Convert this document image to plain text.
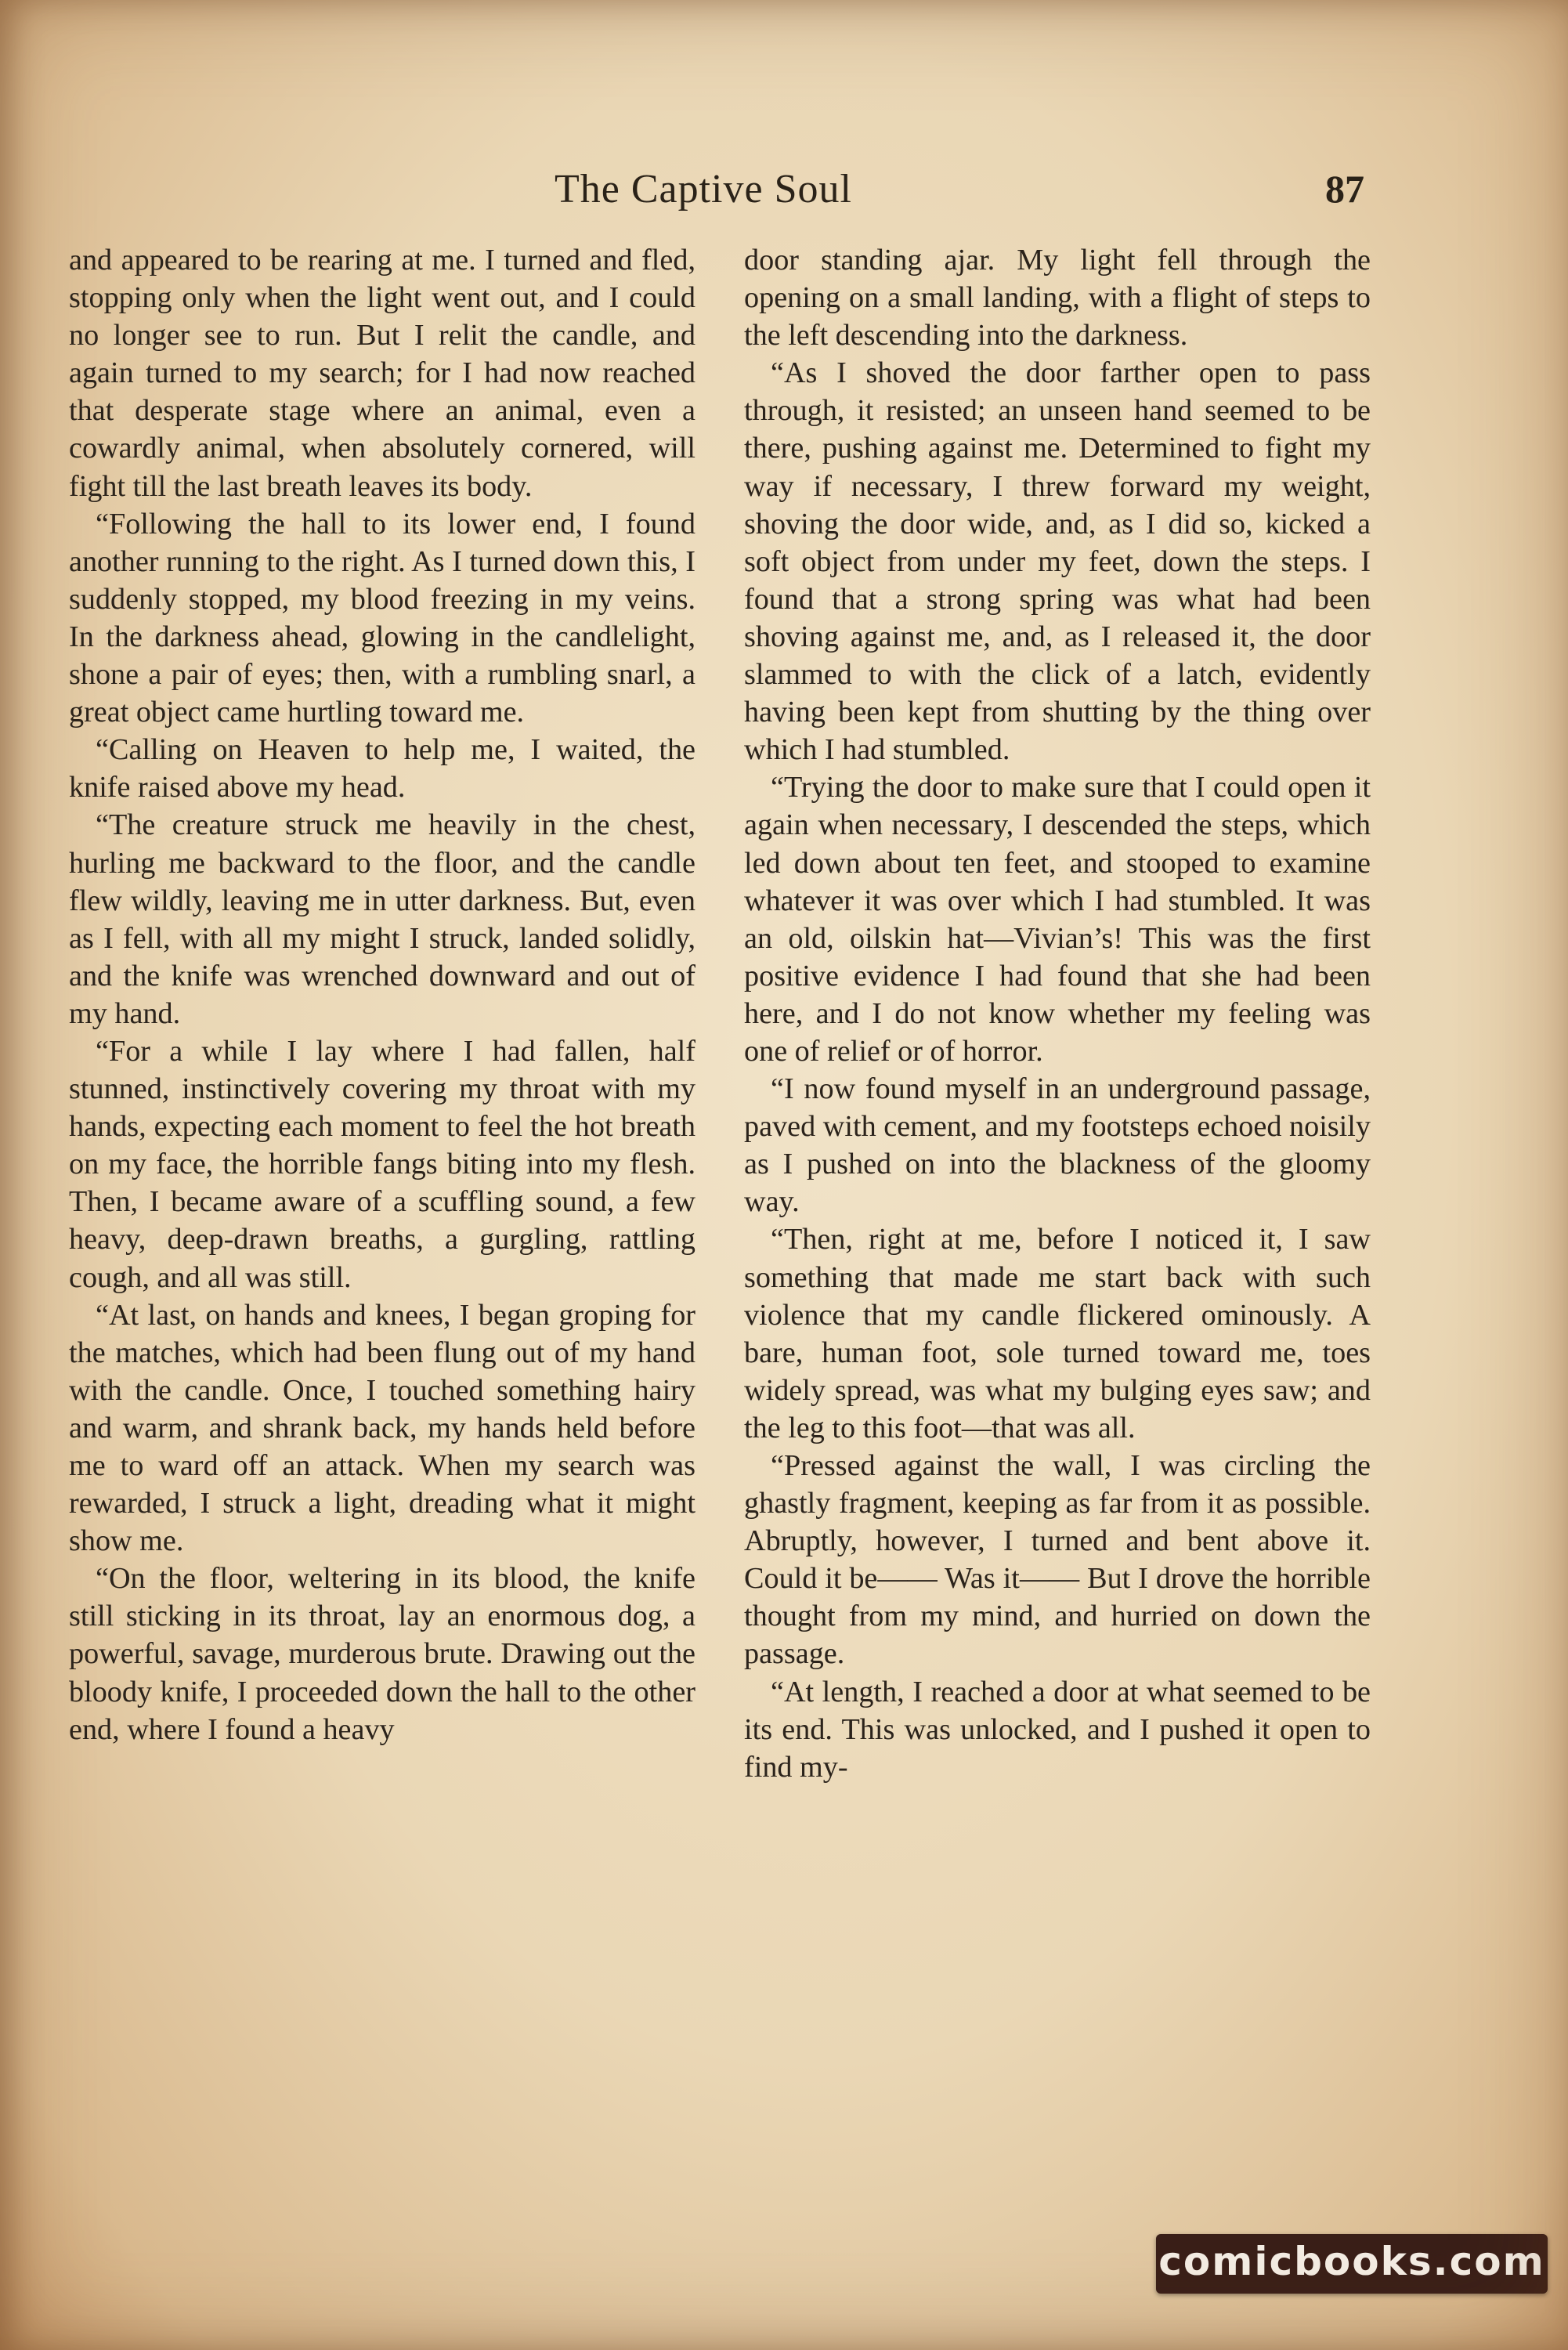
The Captive Soul	87

and appeared to be rearing at me. I turned and fled, stopping only when the light went out, and I could no longer see to run. But I relit the candle, and again turned to my search; for I had now reached that desperate stage where an animal, even a cowardly animal, when absolutely cornered, will fight till the last breath leaves its body.

“Following the hall to its lower end, I found another running to the right. As I turned down this, I suddenly stopped, my blood freezing in my veins. In the darkness ahead, glowing in the candlelight, shone a pair of eyes; then, with a rumbling snarl, a great object came hurtling toward me.

“Calling on Heaven to help me, I waited, the knife raised above my head.

“The creature struck me heavily in the chest, hurling me backward to the floor, and the candle flew wildly, leaving me in utter darkness. But, even as I fell, with all my might I struck, landed solidly, and the knife was wrenched downward and out of my hand.

“For a while I lay where I had fallen, half stunned, instinctively covering my throat with my hands, expecting each moment to feel the hot breath on my face, the horrible fangs biting into my flesh. Then, I became aware of a scuffling sound, a few heavy, deep-drawn breaths, a gurgling, rattling cough, and all was still.

“At last, on hands and knees, I began groping for the matches, which had been flung out of my hand with the candle. Once, I touched something hairy and warm, and shrank back, my hands held before me to ward off an attack. When my search was rewarded, I struck a light, dreading what it might show me.

“On the floor, weltering in its blood, the knife still sticking in its throat, lay an enormous dog, a powerful, savage, murderous brute. Drawing out the bloody knife, I proceeded down the hall to the other end, where I found a heavy

door standing ajar. My light fell through the opening on a small landing, with a flight of steps to the left descending into the darkness.

“As I shoved the door farther open to pass through, it resisted; an unseen hand seemed to be there, pushing against me. Determined to fight my way if necessary, I threw forward my weight, shoving the door wide, and, as I did so, kicked a soft object from under my feet, down the steps. I found that a strong spring was what had been shoving against me, and, as I released it, the door slammed to with the click of a latch, evidently having been kept from shutting by the thing over which I had stumbled.

“Trying the door to make sure that I could open it again when necessary, I descended the steps, which led down about ten feet, and stooped to examine whatever it was over which I had stumbled. It was an old, oilskin hat—Vivian’s! This was the first positive evidence I had found that she had been here, and I do not know whether my feeling was one of relief or of horror.

“I now found myself in an underground passage, paved with cement, and my footsteps echoed noisily as I pushed on into the blackness of the gloomy way.

“Then, right at me, before I noticed it, I saw something that made me start back with such violence that my candle flickered ominously. A bare, human foot, sole turned toward me, toes widely spread, was what my bulging eyes saw; and the leg to this foot—that was all.

“Pressed against the wall, I was circling the ghastly fragment, keeping as far from it as possible. Abruptly, however, I turned and bent above it. Could it be—— Was it—— But I drove the horrible thought from my mind, and hurried on down the passage.

“At length, I reached a door at what seemed to be its end. This was unlocked, and I pushed it open to find my-

comicbooks.com
